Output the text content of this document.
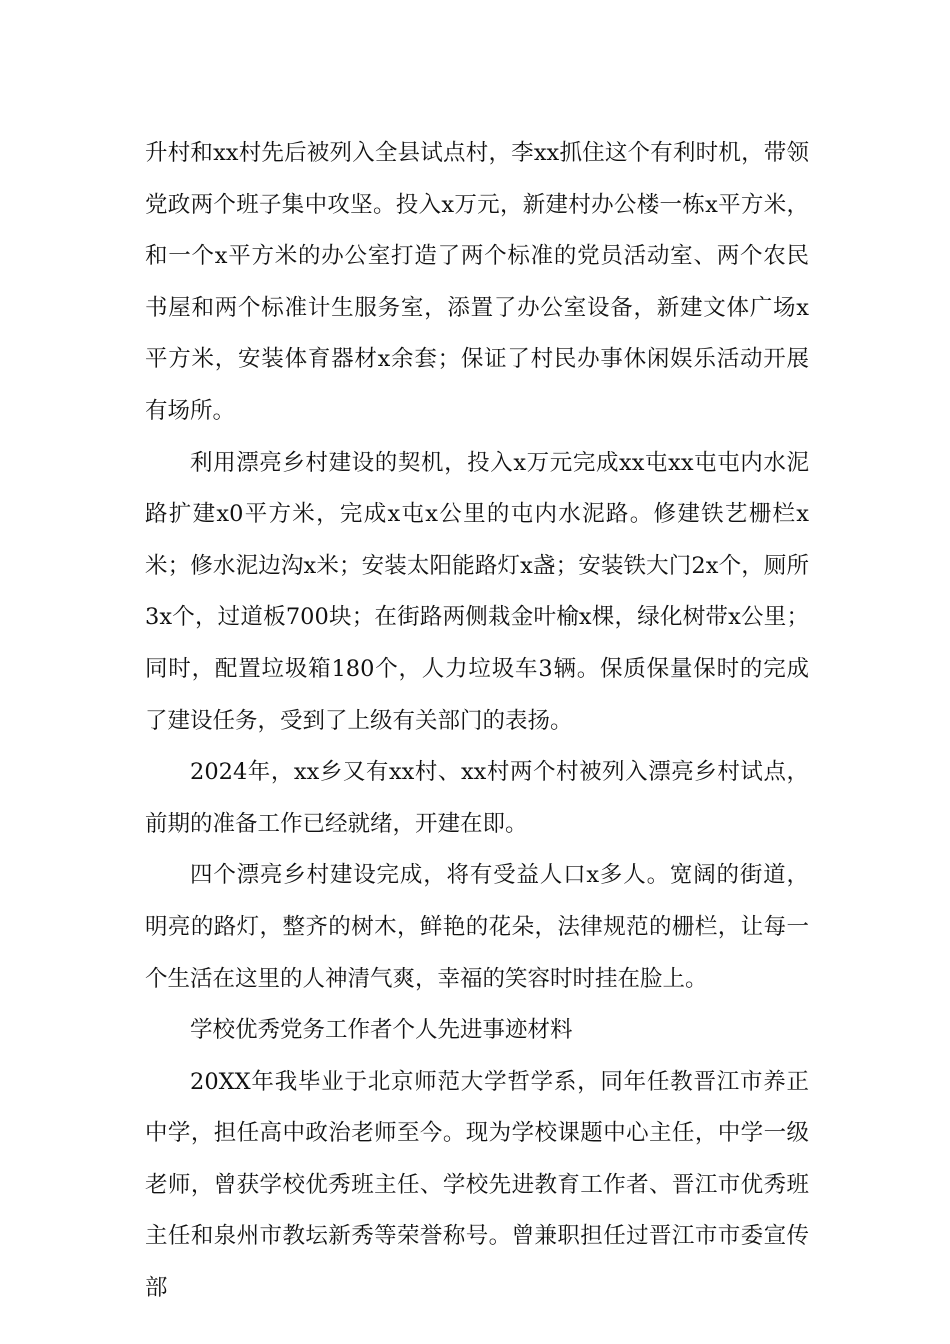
升村和xx村先后被列入全县试点村，李xx抓住这个有利时机，带领党政两个班子集中攻坚。投入x万元，新建村办公楼一栋x平方米，和一个x平方米的办公室打造了两个标准的党员活动室、两个农民书屋和两个标准计生服务室，添置了办公室设备，新建文体广场x平方米，安装体育器材x余套；保证了村民办事休闲娱乐活动开展有场所。

利用漂亮乡村建设的契机，投入x万元完成xx屯xx屯屯内水泥路扩建x0平方米，完成x屯x公里的屯内水泥路。修建铁艺栅栏x米；修水泥边沟x米；安装太阳能路灯x盏；安装铁大门2x个，厕所3x个，过道板700块；在街路两侧栽金叶榆x棵，绿化树带x公里；同时，配置垃圾箱180个，人力垃圾车3辆。保质保量保时的完成了建设任务，受到了上级有关部门的表扬。

2024年，xx乡又有xx村、xx村两个村被列入漂亮乡村试点，前期的准备工作已经就绪，开建在即。

四个漂亮乡村建设完成，将有受益人口x多人。宽阔的街道，明亮的路灯，整齐的树木，鲜艳的花朵，法律规范的栅栏，让每一个生活在这里的人神清气爽，幸福的笑容时时挂在脸上。

学校优秀党务工作者个人先进事迹材料

20XX年我毕业于北京师范大学哲学系，同年任教晋江市养正中学，担任高中政治老师至今。现为学校课题中心主任，中学一级老师，曾获学校优秀班主任、学校先进教育工作者、晋江市优秀班主任和泉州市教坛新秀等荣誉称号。曾兼职担任过晋江市市委宣传部
